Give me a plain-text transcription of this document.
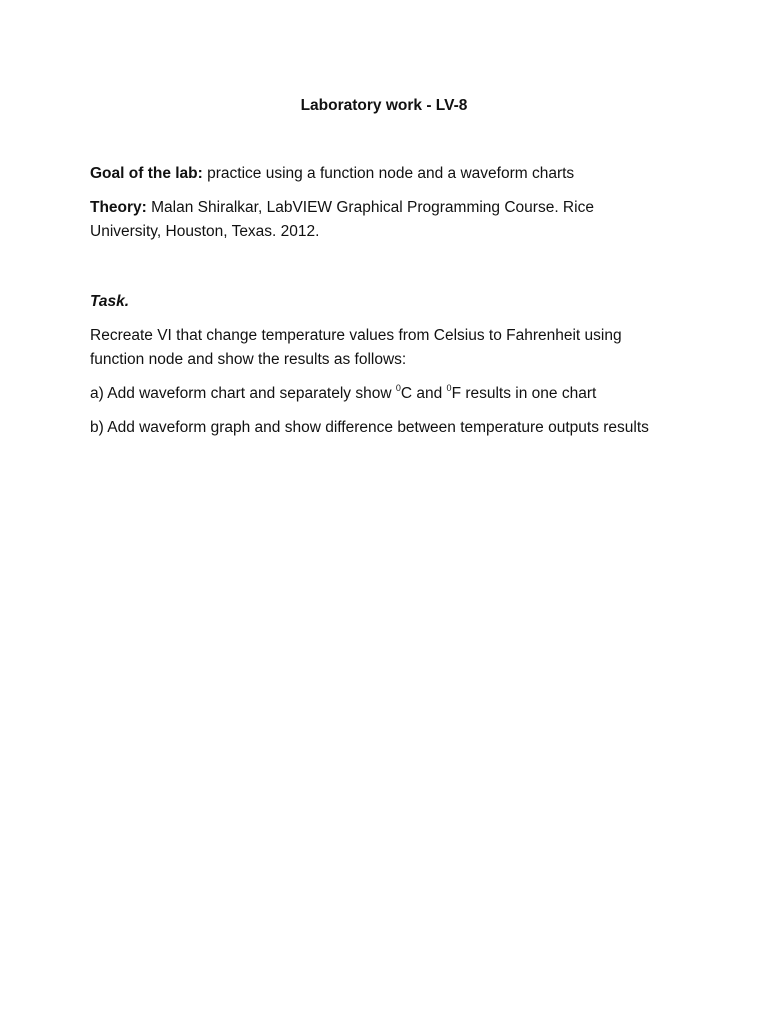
Laboratory work - LV-8

Goal of the lab: practice using a function node and a waveform charts

Theory: Malan Shiralkar, LabVIEW Graphical Programming Course. Rice University, Houston, Texas. 2012.

Task.

Recreate VI that change temperature values from Celsius to Fahrenheit using function node and show the results as follows:

a) Add waveform chart and separately show $^0$C and $^0$F results in one chart

b) Add waveform graph and show difference between temperature outputs results
